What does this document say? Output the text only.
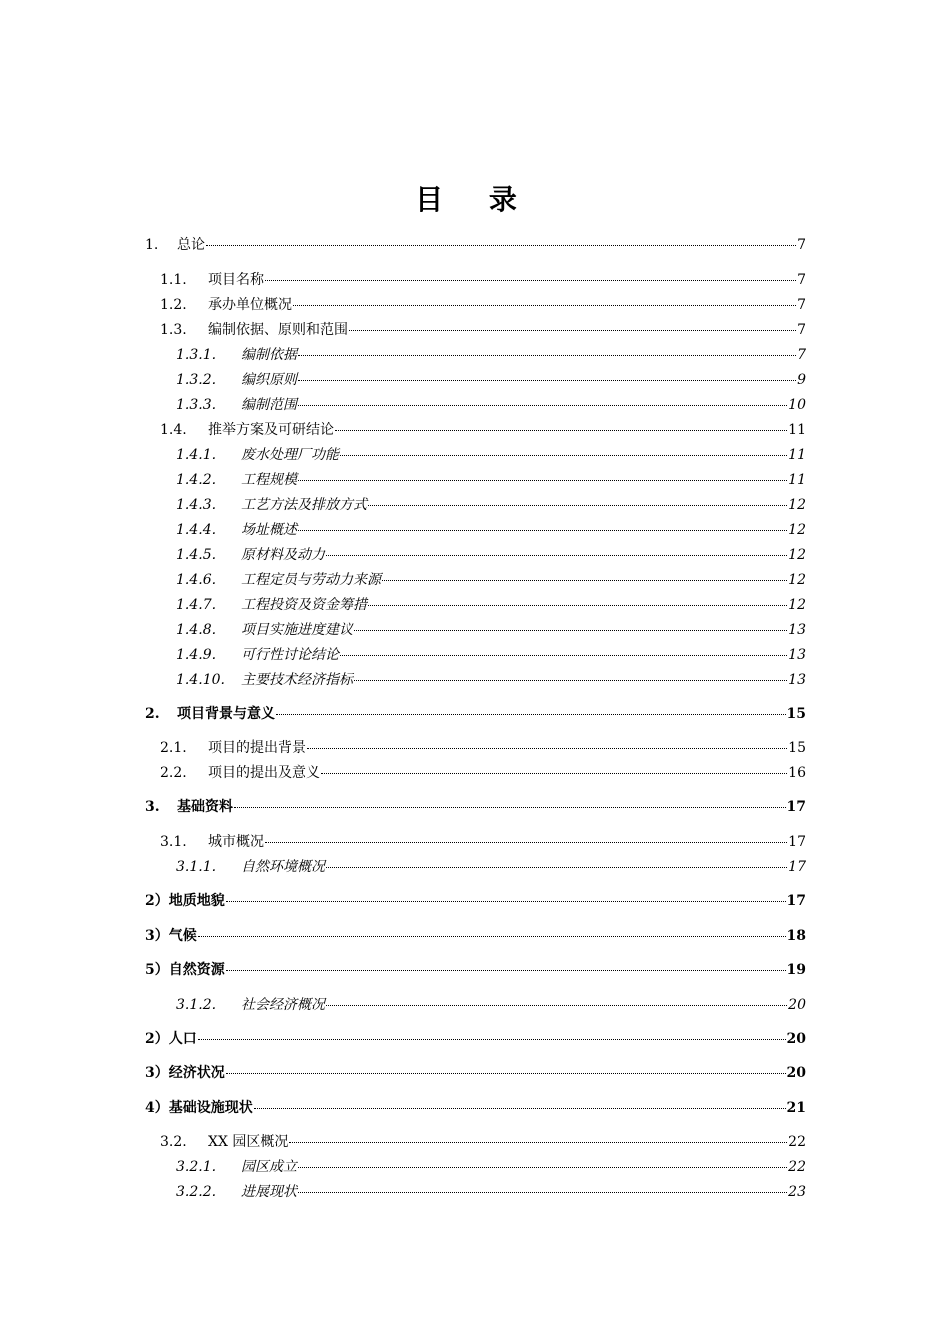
目 录
1.	总论	7
1.1.	项目名称	7
1.2.	承办单位概况	7
1.3.	编制依据、原则和范围	7
1.3.1.	编制依据	7
1.3.2.	编织原则	9
1.3.3.	编制范围	10
1.4.	推举方案及可研结论	11
1.4.1.	废水处理厂功能	11
1.4.2.	工程规模	11
1.4.3.	工艺方法及排放方式	12
1.4.4.	场址概述	12
1.4.5.	原材料及动力	12
1.4.6.	工程定员与劳动力来源	12
1.4.7.	工程投资及资金筹措	12
1.4.8.	项目实施进度建议	13
1.4.9.	可行性讨论结论	13
1.4.10.	主要技术经济指标	13
2.	项目背景与意义	15
2.1.	项目的提出背景	15
2.2.	项目的提出及意义	16
3.	基础资料	17
3.1.	城市概况	17
3.1.1.	自然环境概况	17
2）地质地貌	17
3）气候	18
5）自然资源	19
3.1.2.	社会经济概况	20
2）人口	20
3）经济状况	20
4）基础设施现状	21
3.2.	XX 园区概况	22
3.2.1.	园区成立	22
3.2.2.	进展现状	23
